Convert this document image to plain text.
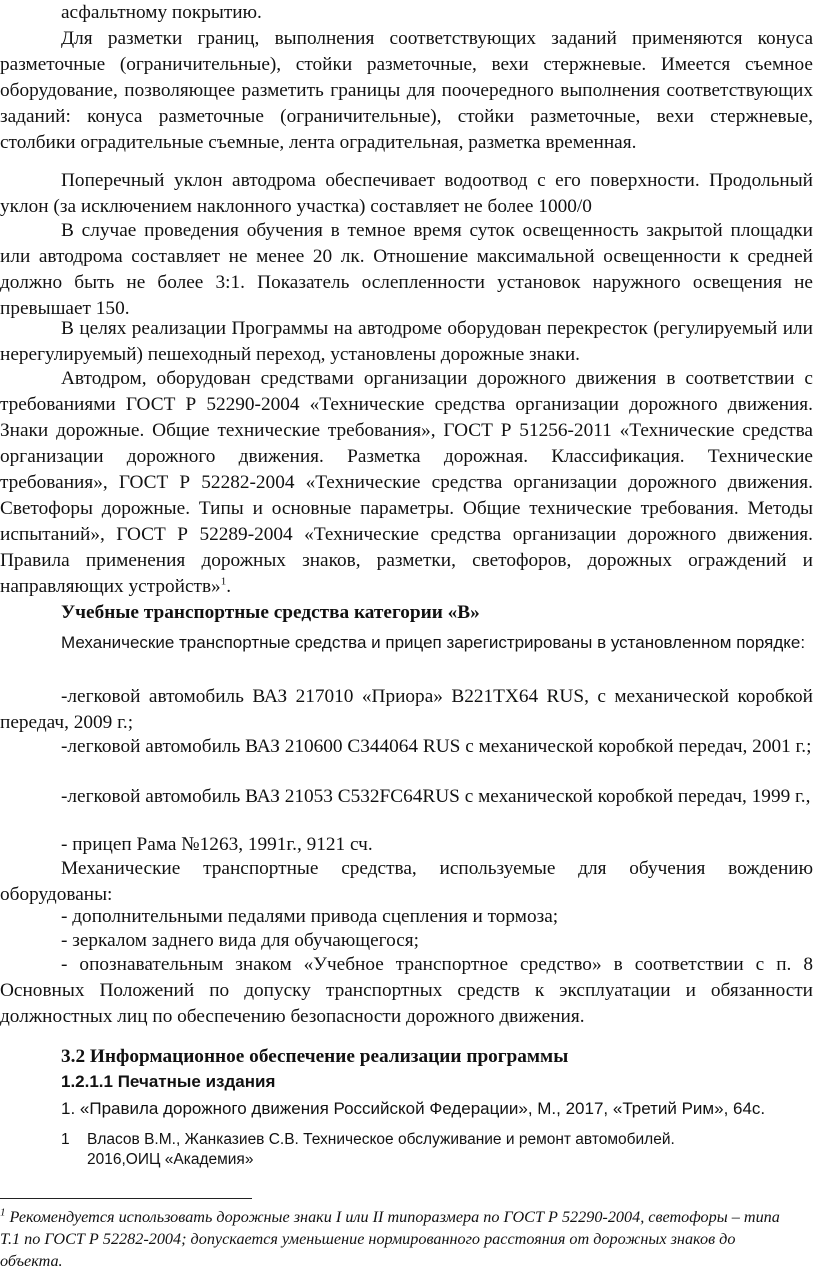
асфальтному покрытию.

Для разметки границ, выполнения соответствующих заданий применяются конуса разметочные (ограничительные), стойки разметочные, вехи стержневые. Имеется съемное оборудование, позволяющее разметить границы для поочередного выполнения соответствующих заданий: конуса разметочные (ограничительные), стойки разметочные, вехи стержневые, столбики оградительные съемные, лента оградительная, разметка временная.

Поперечный уклон автодрома обеспечивает водоотвод с его поверхности. Продольный уклон (за исключением наклонного участка) составляет не более 1000/0

В случае проведения обучения в темное время суток освещенность закрытой площадки или автодрома составляет не менее 20 лк. Отношение максимальной освещенности к средней должно быть не более 3:1. Показатель ослепленности установок наружного освещения не превышает 150.

В целях реализации Программы на автодроме оборудован перекресток (регулируемый или нерегулируемый) пешеходный переход, установлены дорожные знаки.

Автодром, оборудован средствами организации дорожного движения в соответствии с требованиями ГОСТ Р 52290-2004 «Технические средства организации дорожного движения. Знаки дорожные. Общие технические требования», ГОСТ Р 51256-2011 «Технические средства организации дорожного движения. Разметка дорожная. Классификация. Технические требования», ГОСТ Р 52282-2004 «Технические средства организации дорожного движения. Светофоры дорожные. Типы и основные параметры. Общие технические требования. Методы испытаний», ГОСТ Р 52289-2004 «Технические средства организации дорожного движения. Правила применения дорожных знаков, разметки, светофоров, дорожных ограждений и направляющих устройств»$^1$.

Учебные транспортные средства категории «В»

Механические транспортные средства и прицеп зарегистрированы в установленном порядке:

-легковой автомобиль ВАЗ 217010 «Приора» В221ТХ64 RUS, с механической коробкой передач, 2009 г.;

-легковой автомобиль ВАЗ 210600 С344064 RUS с механической коробкой передач, 2001 г.;

-легковой автомобиль ВАЗ 21053 С532FC64RUS с механической коробкой передач, 1999 г.,

- прицеп Рама №1263, 1991г., 9121 сч.

Механические транспортные средства, используемые для обучения вождению оборудованы:

- дополнительными педалями привода сцепления и тормоза;

- зеркалом заднего вида для обучающегося;

- опознавательным знаком «Учебное транспортное средство» в соответствии с п. 8 Основных Положений по допуску транспортных средств к эксплуатации и обязанности должностных лиц по обеспечению безопасности дорожного движения.

3.2 Информационное обеспечение реализации программы
1.2.1.1 Печатные издания

1. «Правила дорожного движения Российской Федерации», М., 2017, «Третий Рим», 64с.

1 Власов В.М., Жанказиев С.В. Техническое обслуживание и ремонт автомобилей.
2016,ОИЦ «Академия»

$^1$ Рекомендуется использовать дорожные знаки I или II типоразмера по ГОСТ Р 52290-2004, светофоры – типа Т.1 по ГОСТ Р 52282-2004; допускается уменьшение нормированного расстояния от дорожных знаков до объекта.
